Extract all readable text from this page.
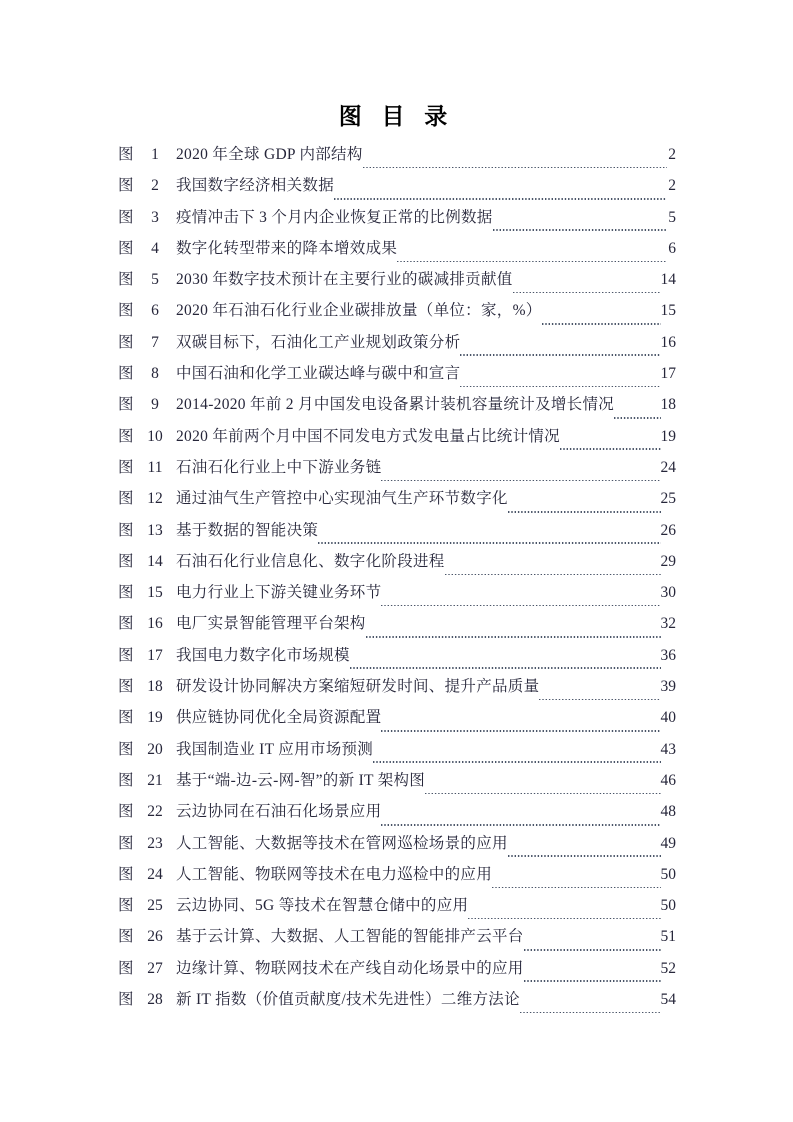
图 目 录
图	1	2020 年全球 GDP 内部结构	2
图	2	我国数字经济相关数据	2
图	3	疫情冲击下 3 个月内企业恢复正常的比例数据	5
图	4	数字化转型带来的降本增效成果	6
图	5	2030 年数字技术预计在主要行业的碳减排贡献值	14
图	6	2020 年石油石化行业企业碳排放量（单位：家，%）	15
图	7	双碳目标下，石油化工产业规划政策分析	16
图	8	中国石油和化学工业碳达峰与碳中和宣言	17
图	9	2014-2020 年前 2 月中国发电设备累计装机容量统计及增长情况	18
图 10 2020 年前两个月中国不同发电方式发电量占比统计情况	19
图 11 石油石化行业上中下游业务链	24
图 12 通过油气生产管控中心实现油气生产环节数字化	25
图 13 基于数据的智能决策	26
图 14 石油石化行业信息化、数字化阶段进程	29
图 15 电力行业上下游关键业务环节	30
图 16 电厂实景智能管理平台架构	32
图 17 我国电力数字化市场规模	36
图 18 研发设计协同解决方案缩短研发时间、提升产品质量	39
图 19 供应链协同优化全局资源配置	40
图 20 我国制造业 IT 应用市场预测	43
图 21 基于“端-边-云-网-智”的新 IT 架构图	46
图 22 云边协同在石油石化场景应用	48
图 23 人工智能、大数据等技术在管网巡检场景的应用	49
图 24 人工智能、物联网等技术在电力巡检中的应用	50
图 25 云边协同、5G 等技术在智慧仓储中的应用	50
图 26 基于云计算、大数据、人工智能的智能排产云平台	51
图 27 边缘计算、物联网技术在产线自动化场景中的应用	52
图 28 新 IT 指数（价值贡献度/技术先进性）二维方法论	54
